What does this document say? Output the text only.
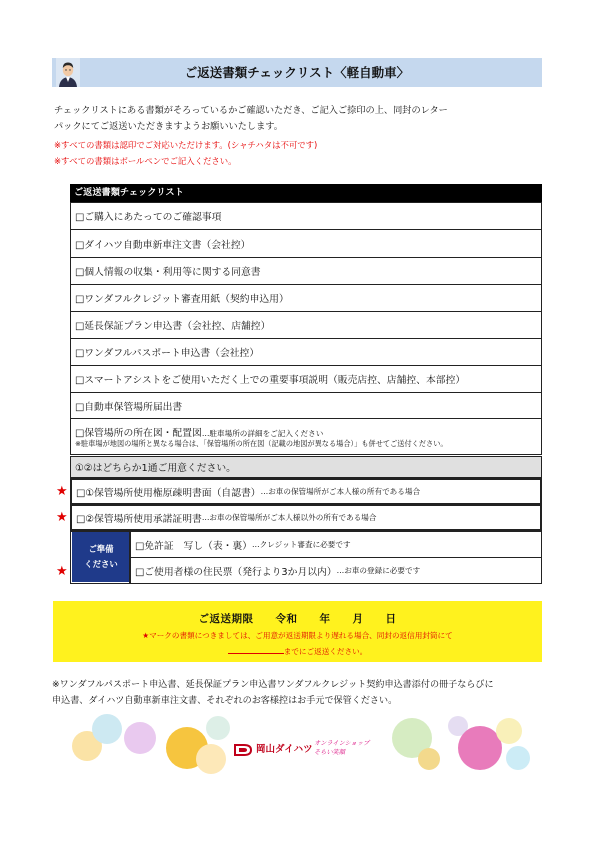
ご返送書類チェックリスト〈軽自動車〉
チェックリストにある書類がそろっているかご確認いただき、ご記入ご捺印の上、同封のレター
パックにてご返送いただきますようお願いいたします。
※すべての書類は認印でご対応いただけます。(シャチハタは不可です)
※すべての書類はボールペンでご記入ください。
ご返送書類チェックリスト
□ご購入にあたってのご確認事項
□ダイハツ自動車新車注文書（会社控）
□個人情報の収集・利用等に関する同意書
□ワンダフルクレジット審査用紙（契約申込用）
□延長保証プラン申込書（会社控、店舗控）
□ワンダフルパスポート申込書（会社控）
□スマートアシストをご使用いただく上での重要事項説明（販売店控、店舗控、本部控）
□自動車保管場所届出書
□保管場所の所在図・配置図…駐車場所の詳細をご記入ください
※駐車場が地図の場所と異なる場合は、「保管場所の所在図（記載の地図が異なる場合）」も併せてご送付ください。
①②はどちらか1通ご用意ください。
□①保管場所使用権原疎明書面（自認書） …お車の保管場所がご本人様の所有である場合
□②保管場所使用承諾証明書 …お車の保管場所がご本人様以外の所有である場合
★
★
ご準備
ください
□免許証　写し（表・裏） …クレジット審査に必要です
□ご使用者様の住民票（発行より3か月以内） …お車の登録に必要です
★
ご返送期限　　令和　　年　　月　　日
★マークの書類につきましては、ご用意が返送期限より遅れる場合、同封の返信用封筒にて
までにご返送ください。
※ワンダフルパスポート申込書、延長保証プラン申込書ワンダフルクレジット契約申込書添付の冊子ならびに
申込書、ダイハツ自動車新車注文書、それぞれのお客様控はお手元で保管ください。
岡山ダイハツ
オンラインショップ
そらい笑顔
